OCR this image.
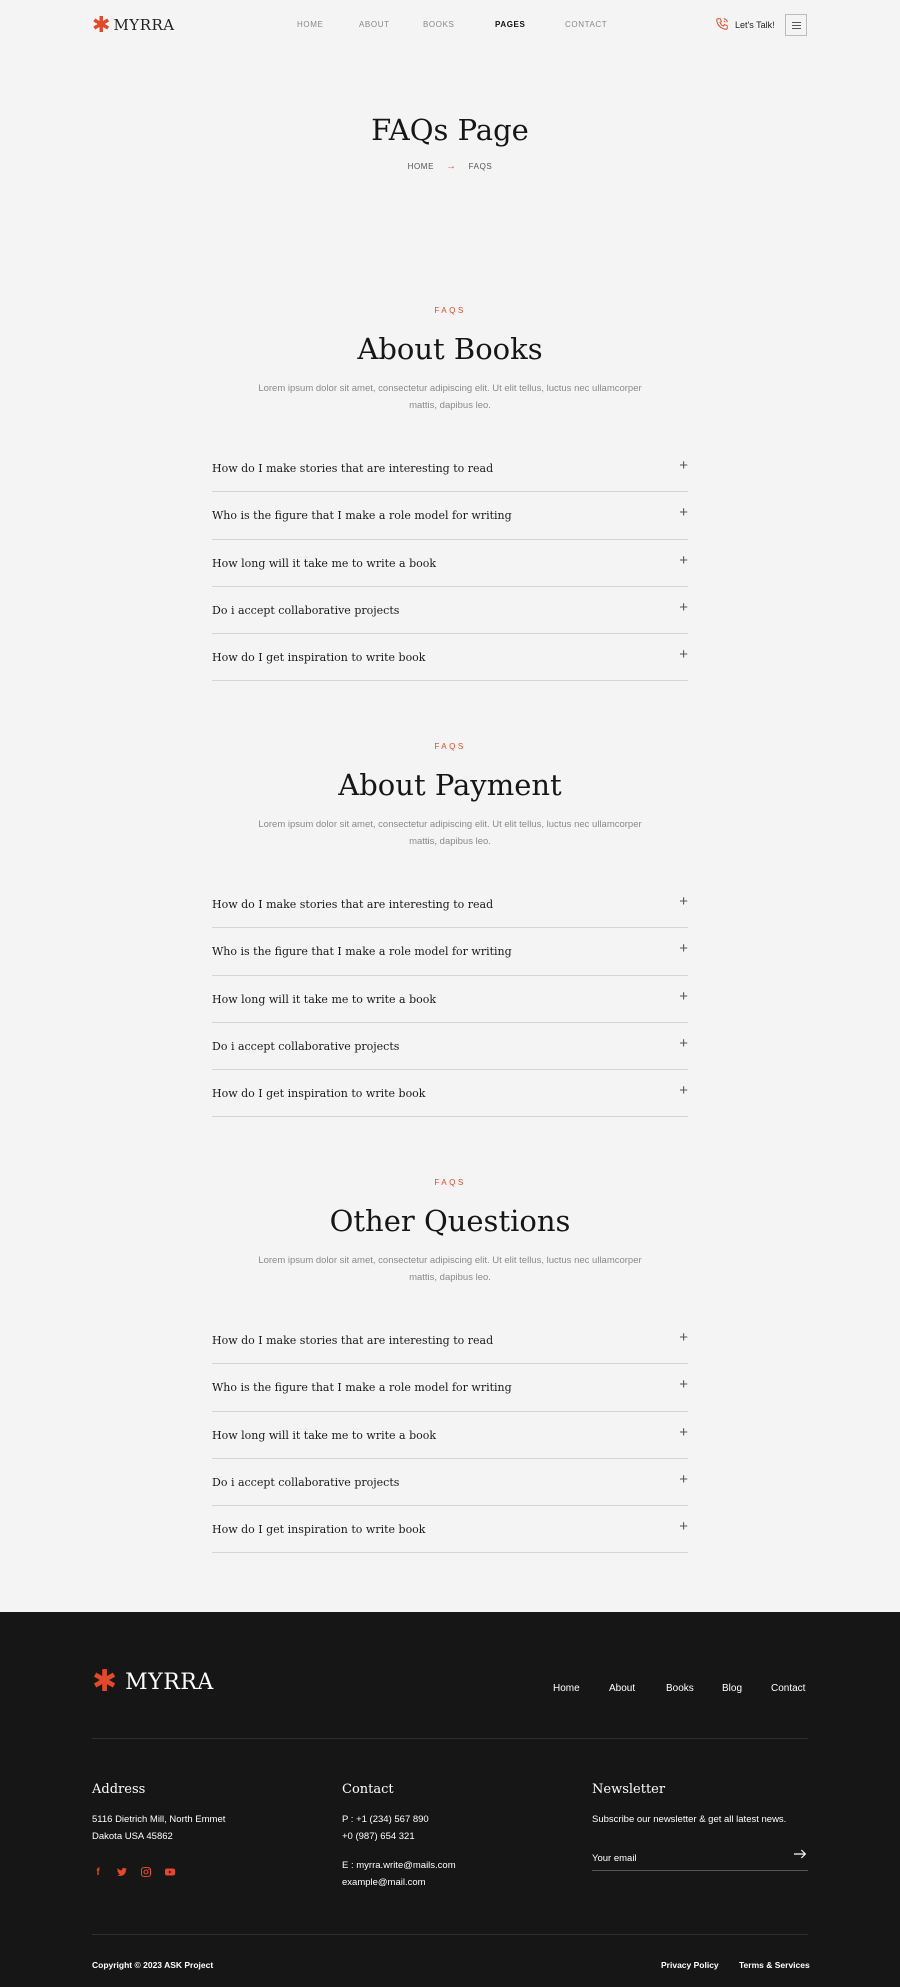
✱ MYRRA	HOME	ABOUT	BOOKS	PAGES	CONTACT	Let's Talk!
FAQs Page
HOME → FAQS
FAQS
About Books

Lorem ipsum dolor sit amet, consectetur adipiscing elit. Ut elit tellus, luctus nec ullamcorper mattis, dapibus leo.

How do I make stories that are interesting to read	+
Who is the figure that I make a role model for writing	+
How long will it take me to write a book	+
Do i accept collaborative projects	+
How do I get inspiration to write book	+
FAQS
About Payment

Lorem ipsum dolor sit amet, consectetur adipiscing elit. Ut elit tellus, luctus nec ullamcorper mattis, dapibus leo.

How do I make stories that are interesting to read	+
Who is the figure that I make a role model for writing	+
How long will it take me to write a book	+
Do i accept collaborative projects	+
How do I get inspiration to write book	+
FAQS
Other Questions

Lorem ipsum dolor sit amet, consectetur adipiscing elit. Ut elit tellus, luctus nec ullamcorper mattis, dapibus leo.

How do I make stories that are interesting to read	+
Who is the figure that I make a role model for writing	+
How long will it take me to write a book	+
Do i accept collaborative projects	+
How do I get inspiration to write book	+
✱ MYRRA	Home	About	Books	Blog	Contact
Address
5116 Dietrich Mill, North Emmet
Dakota USA 45862
f
Contact
P : +1 (234) 567 890
+0 (987) 654 321
E : myrra.write@mails.com
example@mail.com
Newsletter
Subscribe our newsletter & get all latest news.
Your email
Copyright © 2023 ASK Project	Privacy Policy Terms & Services
